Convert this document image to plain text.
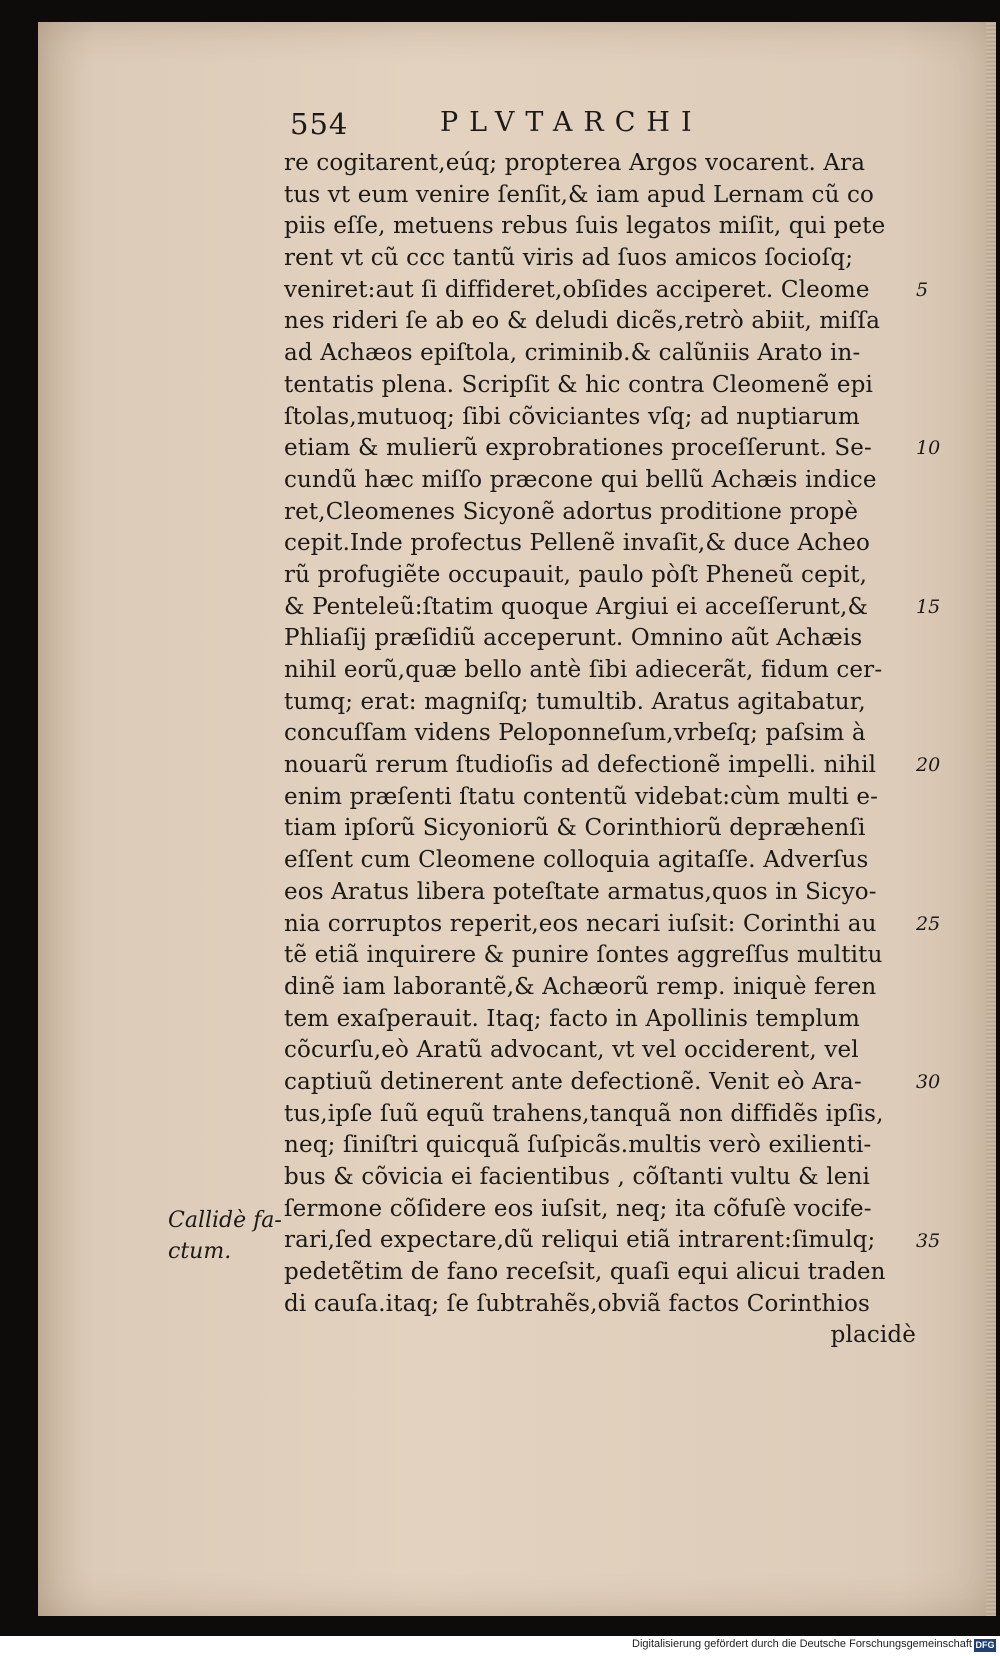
554	PLVTARCHI
re cogitarent,eúq; propterea Argos vocarent. Ara
tus vt eum venire ſenſit,& iam apud Lernam cũ co
piis eſſe, metuens rebus ſuis legatos miſit, qui pete
rent vt cũ ccc tantũ viris ad ſuos amicos ſocioſq;
veniret:aut ſi diffideret,obſides acciperet. Cleome
nes rideri ſe ab eo & deludi dicẽs,retrò abiit, miſſa
ad Achæos epiſtola, criminib.& calũniis Arato in-
tentatis plena. Scripſit & hic contra Cleomenẽ epi
ſtolas,mutuoq; ſibi cõviciantes vſq; ad nuptiarum
etiam & mulierũ exprobrationes proceſſerunt. Se-
cundũ hæc miſſo præcone qui bellũ Achæis indice
ret,Cleomenes Sicyonẽ adortus proditione propè
cepit.Inde profectus Pellenẽ invaſit,& duce Acheo
rũ profugiẽte occupauit, paulo pòſt Pheneũ cepit,
& Penteleũ:ſtatim quoque Argiui ei acceſſerunt,&
Phliaſij præſidiũ acceperunt. Omnino aũt Achæis
nihil eorũ,quæ bello antè ſibi adiecerãt, fidum cer-
tumq; erat: magniſq; tumultib. Aratus agitabatur,
concuſſam videns Peloponneſum,vrbeſq; paſsim à
nouarũ rerum ſtudioſis ad defectionẽ impelli. nihil
enim præſenti ſtatu contentũ videbat:cùm multi e-
tiam ipſorũ Sicyoniorũ & Corinthiorũ depræhenſi
eſſent cum Cleomene colloquia agitaſſe. Adverſus
eos Aratus libera poteſtate armatus,quos in Sicyo-
nia corruptos reperit,eos necari iuſsit: Corinthi au
tẽ etiã inquirere & punire ſontes aggreſſus multitu
dinẽ iam laborantẽ,& Achæorũ remp. iniquè feren
tem exaſperauit. Itaq; facto in Apollinis templum
cõcurſu,eò Aratũ advocant, vt vel occiderent, vel
captiuũ detinerent ante defectionẽ. Venit eò Ara-
tus,ipſe ſuũ equũ trahens,tanquã non diffidẽs ipſis,
neq; ſiniſtri quicquã ſuſpicãs.multis verò exilienti-
bus & cõvicia ei facientibus , cõſtanti vultu & leni
ſermone cõſidere eos iuſsit, neq; ita cõfuſè vocife-
rari,ſed expectare,dũ reliqui etiã intrarent:ſimulq;
pedetẽtim de fano receſsit, quaſi equi alicui traden
di cauſa.itaq; ſe ſubtrahẽs,obviã factos Corinthios
placidè
5
10
15
20
25
30
35
Callidè fa-
ctum.
Digitalisierung gefördert durch die Deutsche Forschungsgemeinschaft DFG
